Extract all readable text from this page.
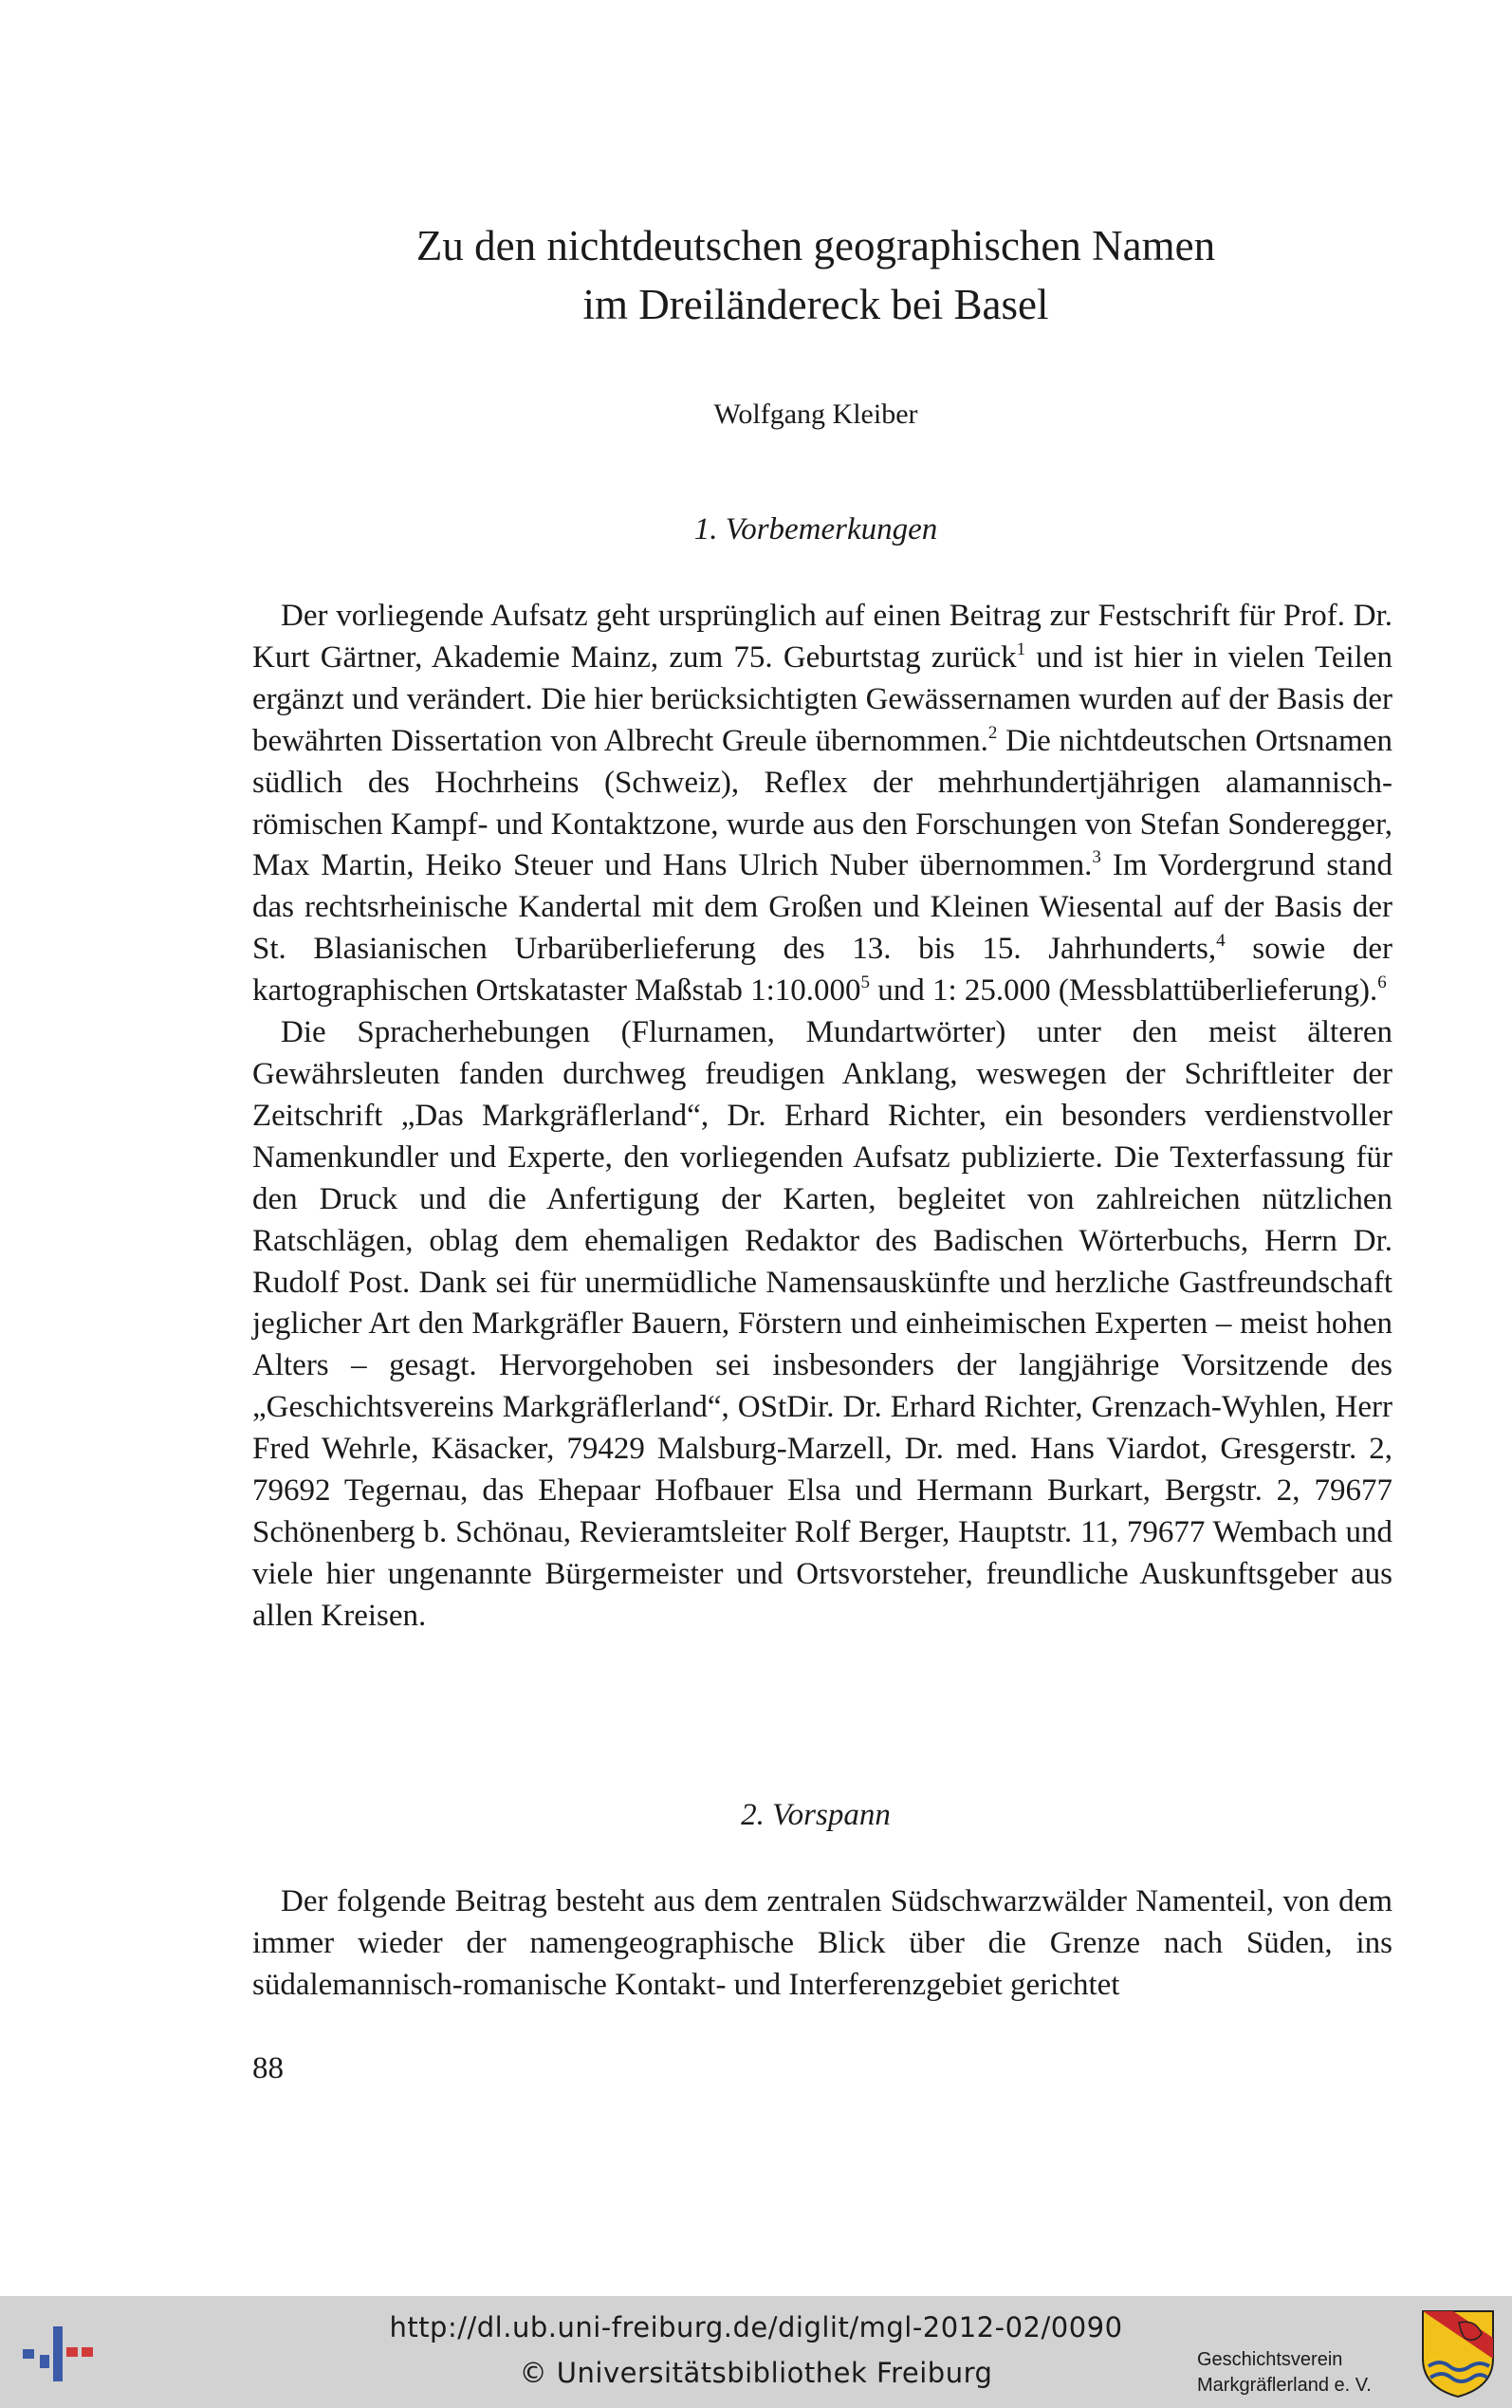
Zu den nichtdeutschen geographischen Namen
im Dreiländereck bei Basel
Wolfgang Kleiber
1. Vorbemerkungen

Der vorliegende Aufsatz geht ursprünglich auf einen Beitrag zur Festschrift für Prof. Dr. Kurt Gärtner, Akademie Mainz, zum 75. Geburtstag zurück$^1$ und ist hier in vielen Teilen ergänzt und verändert. Die hier berücksichtigten Gewässernamen wurden auf der Basis der bewährten Dissertation von Albrecht Greule übernommen.$^2$ Die nichtdeutschen Ortsnamen südlich des Hochrheins (Schweiz), Reflex der mehrhundertjährigen alamannisch-römischen Kampf- und Kontaktzone, wurde aus den Forschungen von Stefan Sonderegger, Max Martin, Heiko Steuer und Hans Ulrich Nuber übernommen.$^3$ Im Vordergrund stand das rechtsrheinische Kandertal mit dem Großen und Kleinen Wiesental auf der Basis der St. Blasianischen Urbarüberlieferung des 13. bis 15. Jahrhunderts,$^4$ sowie der kartographischen Ortskataster Maßstab 1:10.000$^5$ und 1: 25.000 (Messblattüberlieferung).$^6$

Die Spracherhebungen (Flurnamen, Mundartwörter) unter den meist älteren Gewährsleuten fanden durchweg freudigen Anklang, weswegen der Schriftleiter der Zeitschrift „Das Markgräflerland“, Dr. Erhard Richter, ein besonders verdienstvoller Namenkundler und Experte, den vorliegenden Aufsatz publizierte. Die Texterfassung für den Druck und die Anfertigung der Karten, begleitet von zahlreichen nützlichen Ratschlägen, oblag dem ehemaligen Redaktor des Badischen Wörterbuchs, Herrn Dr. Rudolf Post. Dank sei für unermüdliche Namensauskünfte und herzliche Gastfreundschaft jeglicher Art den Markgräfler Bauern, Förstern und einheimischen Experten – meist hohen Alters – gesagt. Hervorgehoben sei insbesonders der langjährige Vorsitzende des „Geschichtsvereins Markgräflerland“, OStDir. Dr. Erhard Richter, Grenzach-Wyhlen, Herr Fred Wehrle, Käsacker, 79429 Malsburg-Marzell, Dr. med. Hans Viardot, Gresgerstr. 2, 79692 Tegernau, das Ehepaar Hofbauer Elsa und Hermann Burkart, Bergstr. 2, 79677 Schönenberg b. Schönau, Revieramtsleiter Rolf Berger, Hauptstr. 11, 79677 Wembach und viele hier ungenannte Bürgermeister und Ortsvorsteher, freundliche Auskunftsgeber aus allen Kreisen.

2. Vorspann

Der folgende Beitrag besteht aus dem zentralen Südschwarzwälder Namenteil, von dem immer wieder der namengeographische Blick über die Grenze nach Süden, ins südalemannisch-romanische Kontakt- und Interferenzgebiet gerichtet

88
http://dl.ub.uni-freiburg.de/diglit/mgl-2012-02/0090
© Universitätsbibliothek Freiburg	Geschichtsverein
Markgräflerland e. V.
